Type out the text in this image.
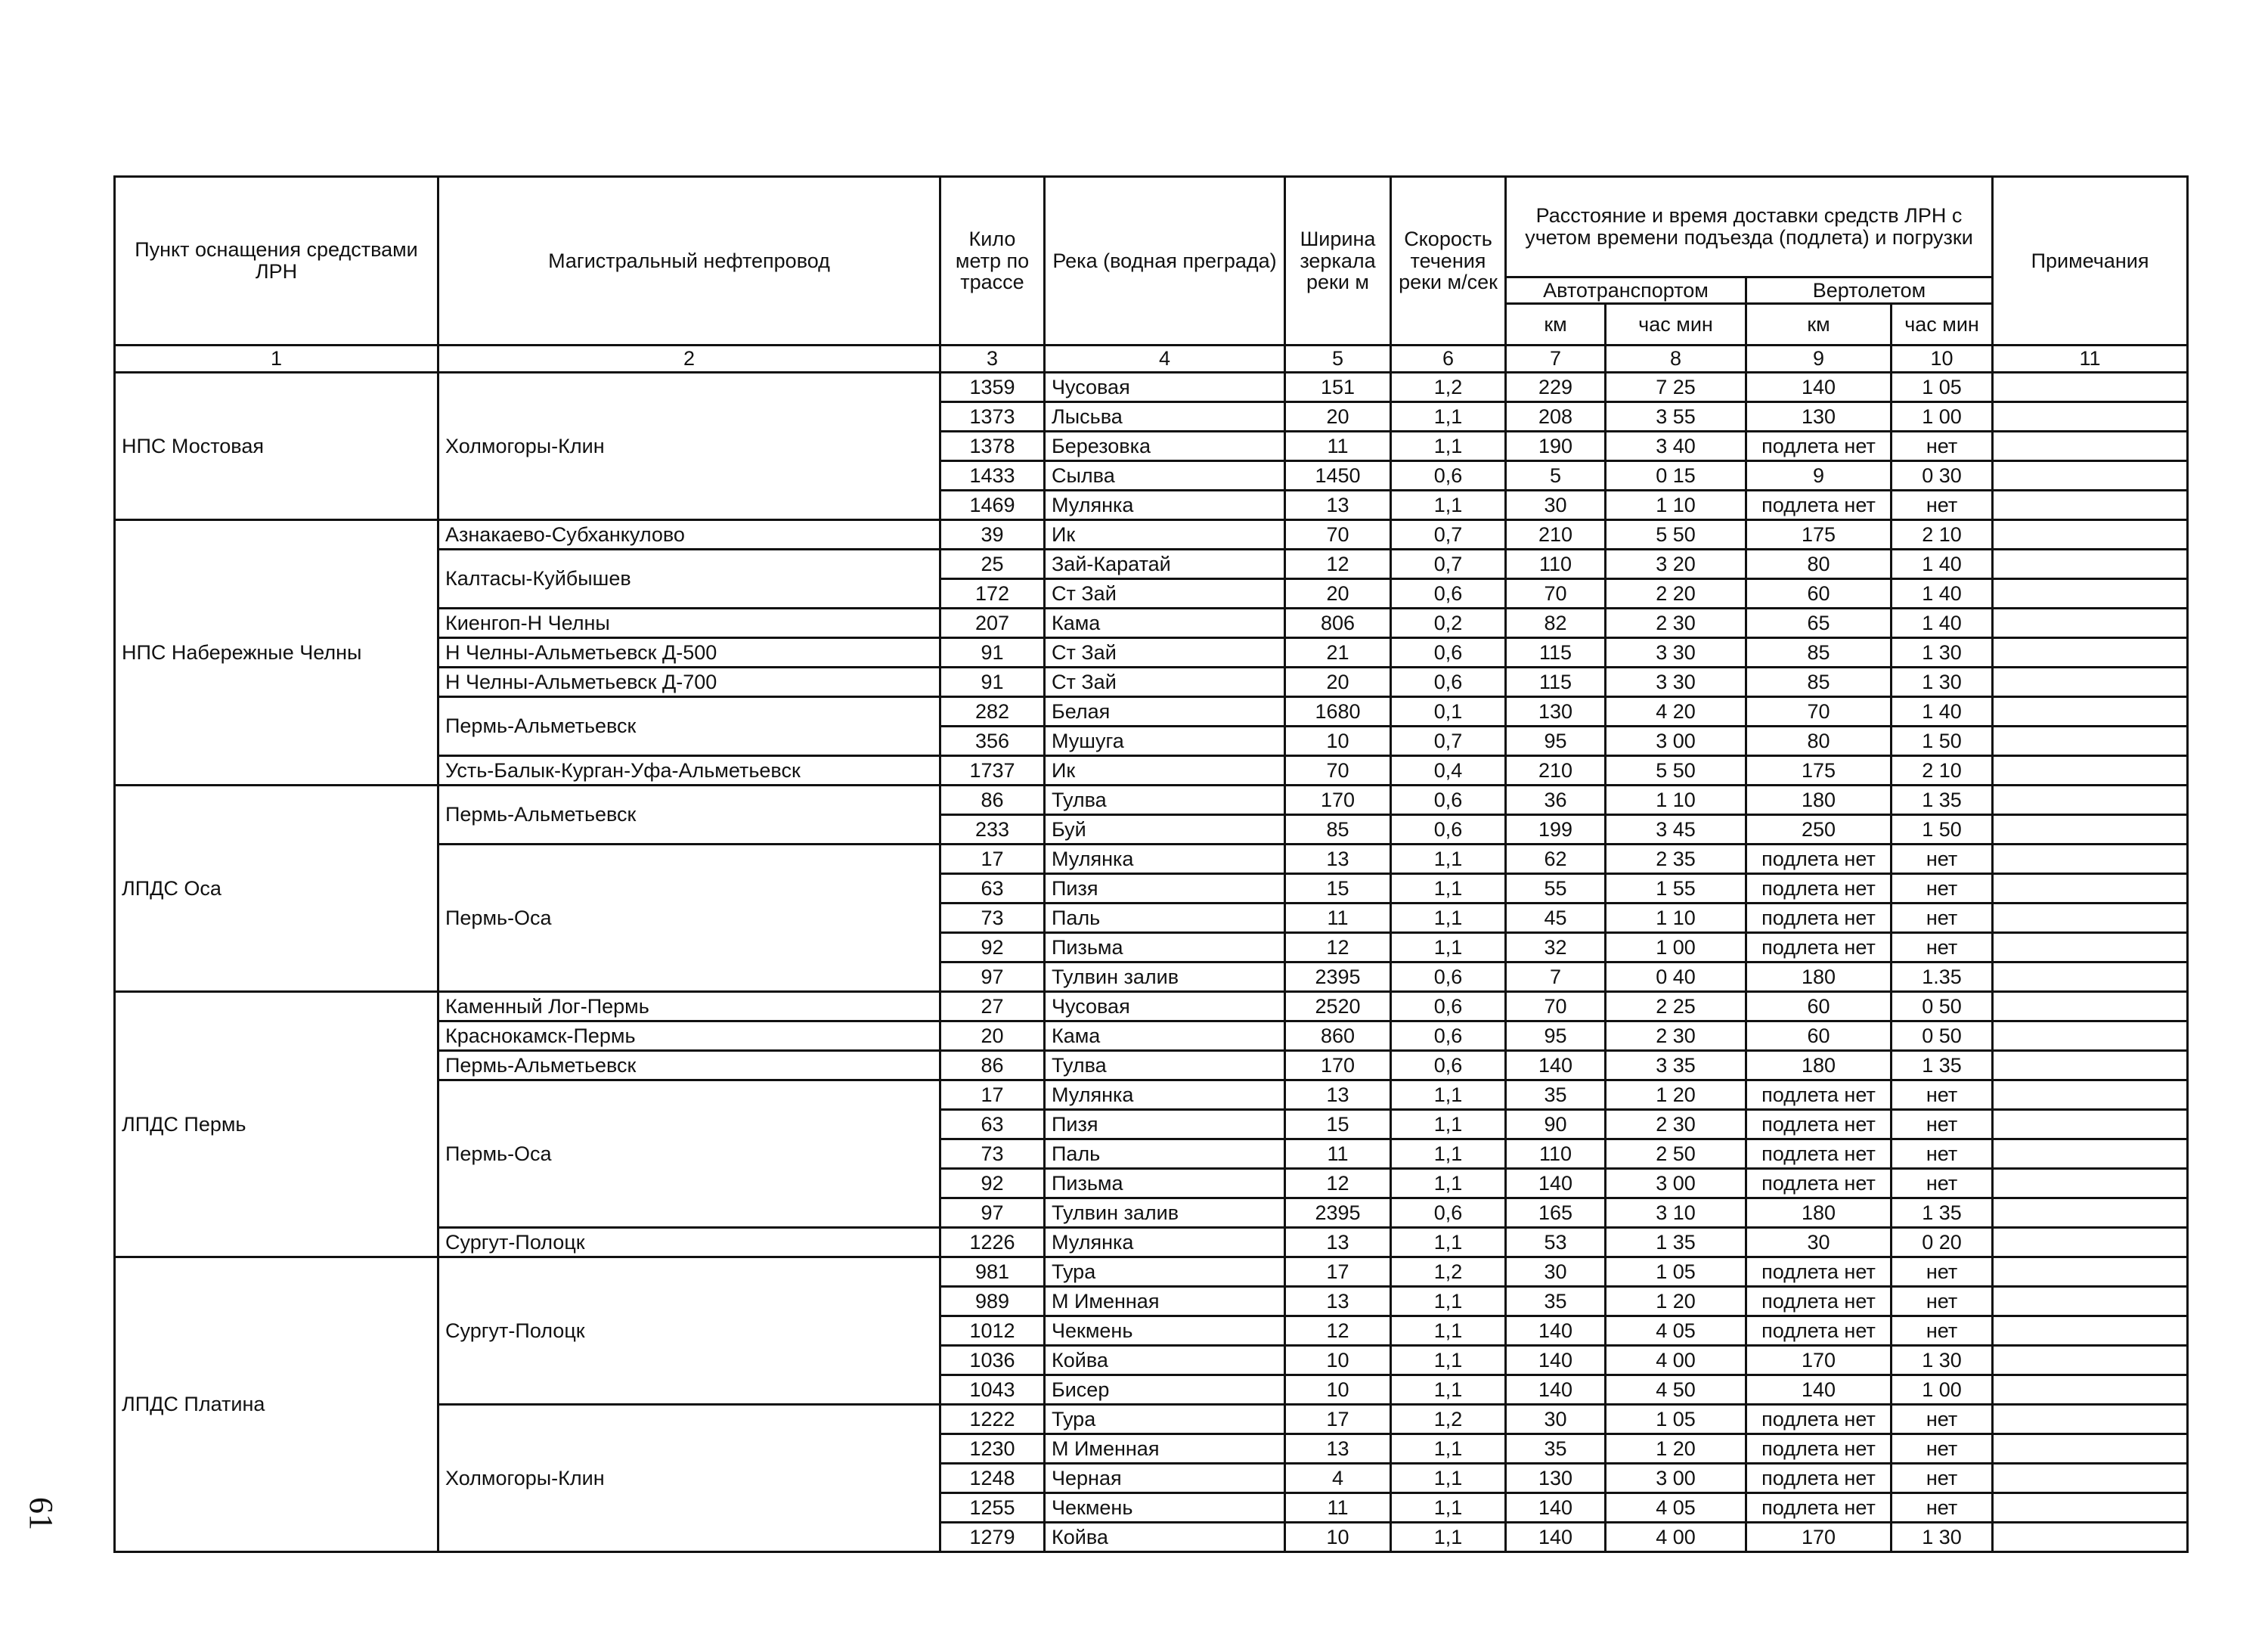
61
Пункт оснащения средствами ЛРН	Магистральный нефтепровод	Кило метр по трассе	Река (водная преграда)	Ширина зеркала реки м	Скорость течения реки м/сек	Расстояние и время доставки средств ЛРН с учетом времени подъезда (подлета) и погрузки				Примечания
						Автотранспортом		Вертолетом		
						км	час мин	км	час мин	
1	2	3	4	5	6	7	8	9	10	11
НПС Мостовая	Холмогоры-Клин	1359	Чусовая	151	1,2	229	7 25	140	1 05	
		1373	Лысьва	20	1,1	208	3 55	130	1 00	
		1378	Березовка	11	1,1	190	3 40	подлета нет	нет	
		1433	Сылва	1450	0,6	5	0 15	9	0 30	
		1469	Мулянка	13	1,1	30	1 10	подлета нет	нет	
НПС Набережные Челны	Азнакаево-Субханкулово	39	Ик	70	0,7	210	5 50	175	2 10	
	Калтасы-Куйбышев	25	Зай-Каратай	12	0,7	110	3 20	80	1 40	
		172	Ст Зай	20	0,6	70	2 20	60	1 40	
	Киенгоп-Н Челны	207	Кама	806	0,2	82	2 30	65	1 40	
	Н Челны-Альметьевск Д-500	91	Ст Зай	21	0,6	115	3 30	85	1 30	
	Н Челны-Альметьевск Д-700	91	Ст Зай	20	0,6	115	3 30	85	1 30	
	Пермь-Альметьевск	282	Белая	1680	0,1	130	4 20	70	1 40	
		356	Мушуга	10	0,7	95	3 00	80	1 50	
	Усть-Балык-Курган-Уфа-Альметьевск	1737	Ик	70	0,4	210	5 50	175	2 10	
ЛПДС Оса	Пермь-Альметьевск	86	Тулва	170	0,6	36	1 10	180	1 35	
		233	Буй	85	0,6	199	3 45	250	1 50	
	Пермь-Оса	17	Мулянка	13	1,1	62	2 35	подлета нет	нет	
		63	Пизя	15	1,1	55	1 55	подлета нет	нет	
		73	Паль	11	1,1	45	1 10	подлета нет	нет	
		92	Пизьма	12	1,1	32	1 00	подлета нет	нет	
		97	Тулвин залив	2395	0,6	7	0 40	180	1.35	
ЛПДС Пермь	Каменный Лог-Пермь	27	Чусовая	2520	0,6	70	2 25	60	0 50	
	Краснокамск-Пермь	20	Кама	860	0,6	95	2 30	60	0 50	
	Пермь-Альметьевск	86	Тулва	170	0,6	140	3 35	180	1 35	
	Пермь-Оса	17	Мулянка	13	1,1	35	1 20	подлета нет	нет	
		63	Пизя	15	1,1	90	2 30	подлета нет	нет	
		73	Паль	11	1,1	110	2 50	подлета нет	нет	
		92	Пизьма	12	1,1	140	3 00	подлета нет	нет	
		97	Тулвин залив	2395	0,6	165	3 10	180	1 35	
	Сургут-Полоцк	1226	Мулянка	13	1,1	53	1 35	30	0 20	
ЛПДС Платина	Сургут-Полоцк	981	Тура	17	1,2	30	1 05	подлета нет	нет	
		989	М Именная	13	1,1	35	1 20	подлета нет	нет	
		1012	Чекмень	12	1,1	140	4 05	подлета нет	нет	
		1036	Койва	10	1,1	140	4 00	170	1 30	
		1043	Бисер	10	1,1	140	4 50	140	1 00	
	Холмогоры-Клин	1222	Тура	17	1,2	30	1 05	подлета нет	нет	
		1230	М Именная	13	1,1	35	1 20	подлета нет	нет	
		1248	Черная	4	1,1	130	3 00	подлета нет	нет	
		1255	Чекмень	11	1,1	140	4 05	подлета нет	нет	
		1279	Койва	10	1,1	140	4 00	170	1 30	
